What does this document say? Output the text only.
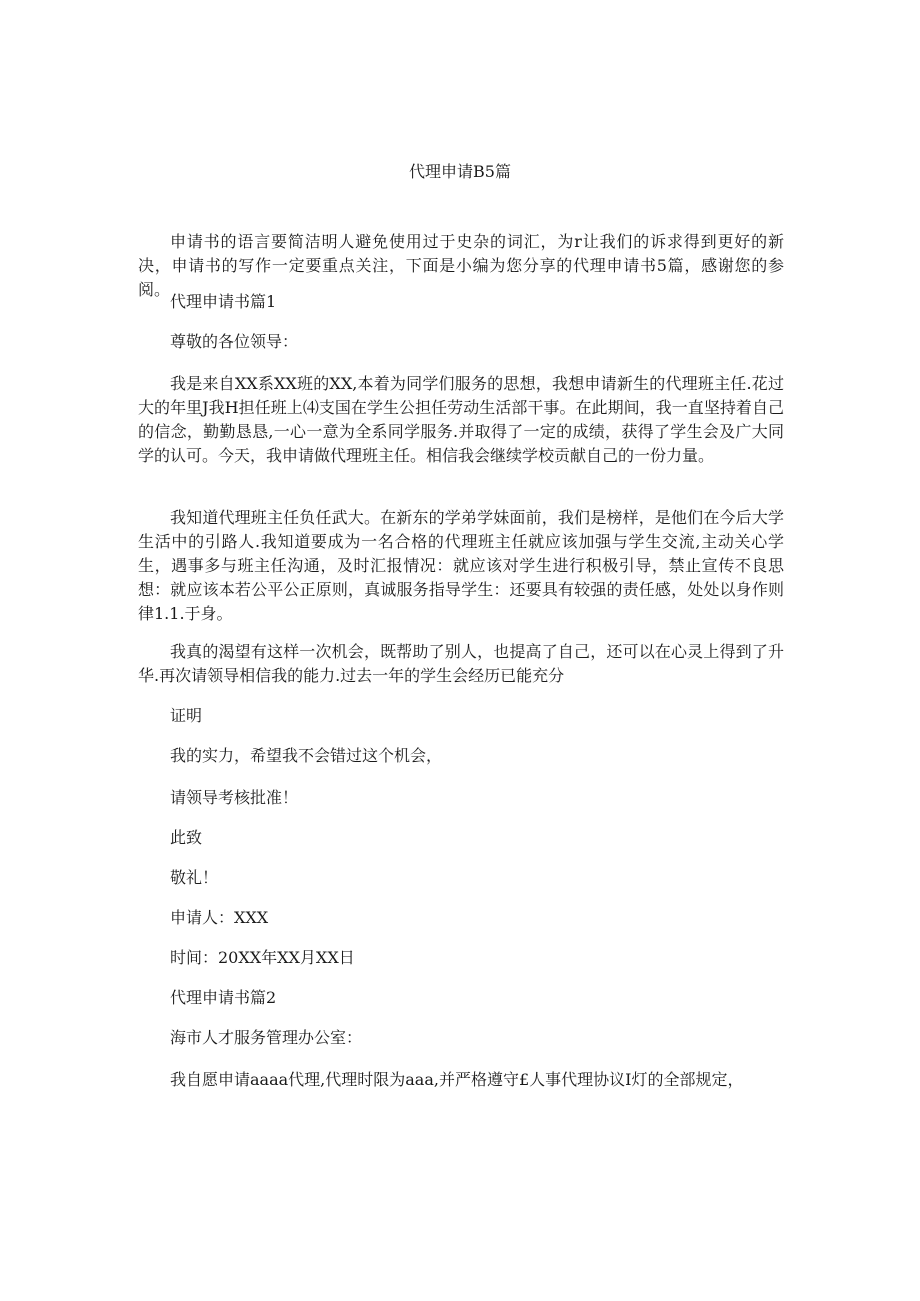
代理申请B5篇

申请书的语言要简洁明人避免使用过于史杂的词汇，为r让我们的诉求得到更好的新决，申请书的写作一定要重点关注，下面是小编为您分享的代理申请书5篇，感谢您的参阅。

代理申请书篇1
尊敬的各位领导：

我是来自XX系XX班的XX,本着为同学们服务的思想，我想申请新生的代理班主任.花过大的年里J我H担任班上⑷支国在学生公担任劳动生活部干事。在此期间，我一直坚持着自己的信念，勤勤恳恳,一心一意为全系同学服务.并取得了一定的成绩，获得了学生会及广大同学的认可。今天，我申请做代理班主任。相信我会继续学校贡献自己的一份力量。

我知道代理班主任负任武大。在新东的学弟学妹面前，我们是榜样，是他们在今后大学生活中的引路人.我知道要成为一名合格的代理班主任就应该加强与学生交流,主动关心学生，遇事多与班主任沟通，及时汇报情况：就应该对学生进行积极引导，禁止宣传不良思想：就应该本若公平公正原则，真诚服务指导学生：还要具有较强的责任感，处处以身作则律1.1.于身。

我真的渴望有这样一次机会，既帮助了别人，也提高了自己，还可以在心灵上得到了升华.再次请领导相信我的能力.过去一年的学生会经历已能充分

证明
我的实力，希望我不会错过这个机会，
请领导考核批准！
此致
敬礼！
申请人：XXX
时间：20XX年XX月XX日
代理申请书篇2
海市人才服务管理办公室：
我自愿申请aaaa代理,代理时限为aaa,并严格遵守£人事代理协议I灯的全部规定，
